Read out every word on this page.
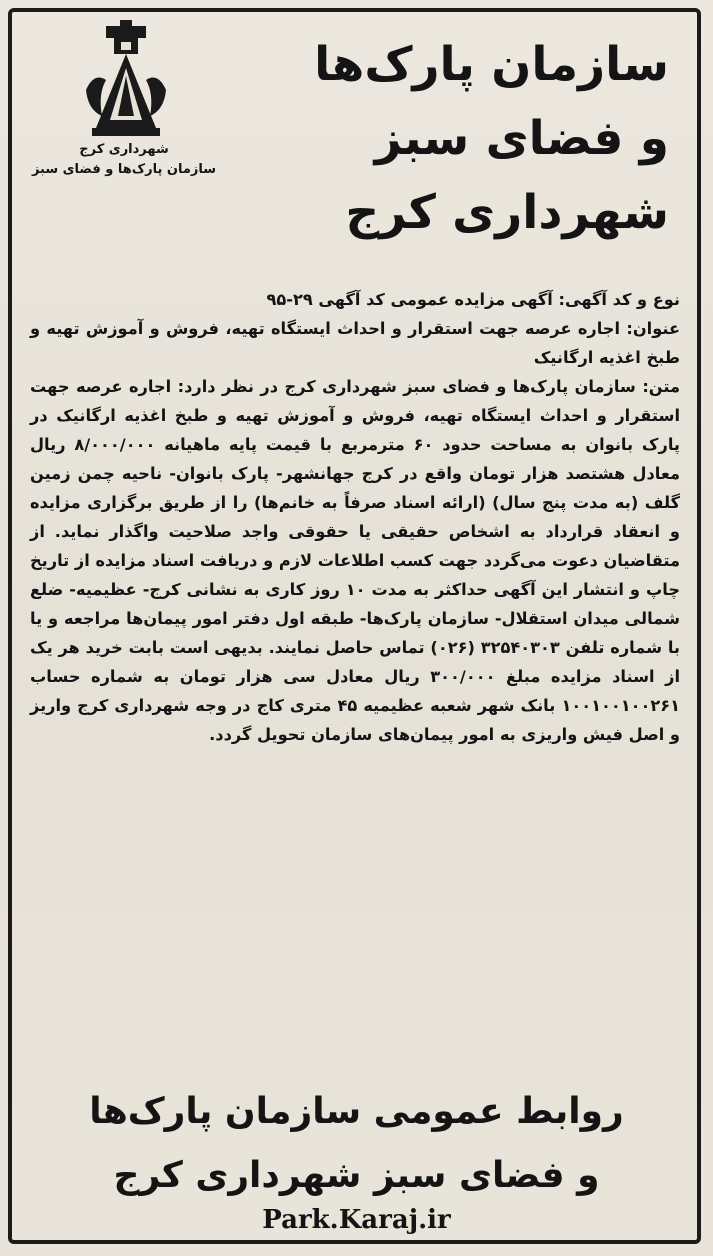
شهرداری کرج
سازمان پارک‌ها و فضای سبز
سازمان پارک‌ها
و فضای سبز
شهرداری کرج

نوع و کد آگهی: آگهی مزایده عمومی کد آگهی ۲۹-۹۵

عنوان: اجاره عرصه جهت استقرار و احداث ایستگاه تهیه، فروش و آموزش تهیه و طبخ اغذیه ارگانیک

متن: سازمان پارک‌ها و فضای سبز شهرداری کرج در نظر دارد: اجاره عرصه جهت استقرار و احداث ایستگاه تهیه، فروش و آموزش تهیه و طبخ اغذیه ارگانیک در پارک بانوان به مساحت حدود ۶۰ مترمربع با قیمت پایه ماهیانه ۸/۰۰۰/۰۰۰ ریال معادل هشتصد هزار تومان واقع در کرج جهانشهر- پارک بانوان- ناحیه چمن زمین گلف (به مدت پنج سال) (ارائه اسناد صرفاً به خانم‌ها) را از طریق برگزاری مزایده و انعقاد قرارداد به اشخاص حقیقی یا حقوقی واجد صلاحیت واگذار نماید. از متقاضیان دعوت می‌گردد جهت کسب اطلاعات لازم و دریافت اسناد مزایده از تاریخ چاپ و انتشار این آگهی حداکثر به مدت ۱۰ روز کاری به نشانی کرج- عظیمیه- ضلع شمالی میدان استقلال- سازمان پارک‌ها- طبقه اول دفتر امور پیمان‌ها مراجعه و یا با شماره تلفن ۳۲۵۴۰۳۰۳ (۰۲۶) تماس حاصل نمایند. بدیهی است بابت خرید هر یک از اسناد مزایده مبلغ ۳۰۰/۰۰۰ ریال معادل سی هزار تومان به شماره حساب ۱۰۰۱۰۰۱۰۰۲۶۱ بانک شهر شعبه عظیمیه ۴۵ متری کاج در وجه شهرداری کرج واریز و اصل فیش واریزی به امور پیمان‌های سازمان تحویل گردد.

روابط عمومی سازمان پارک‌ها
و فضای سبز شهرداری کرج
Park.Karaj.ir
